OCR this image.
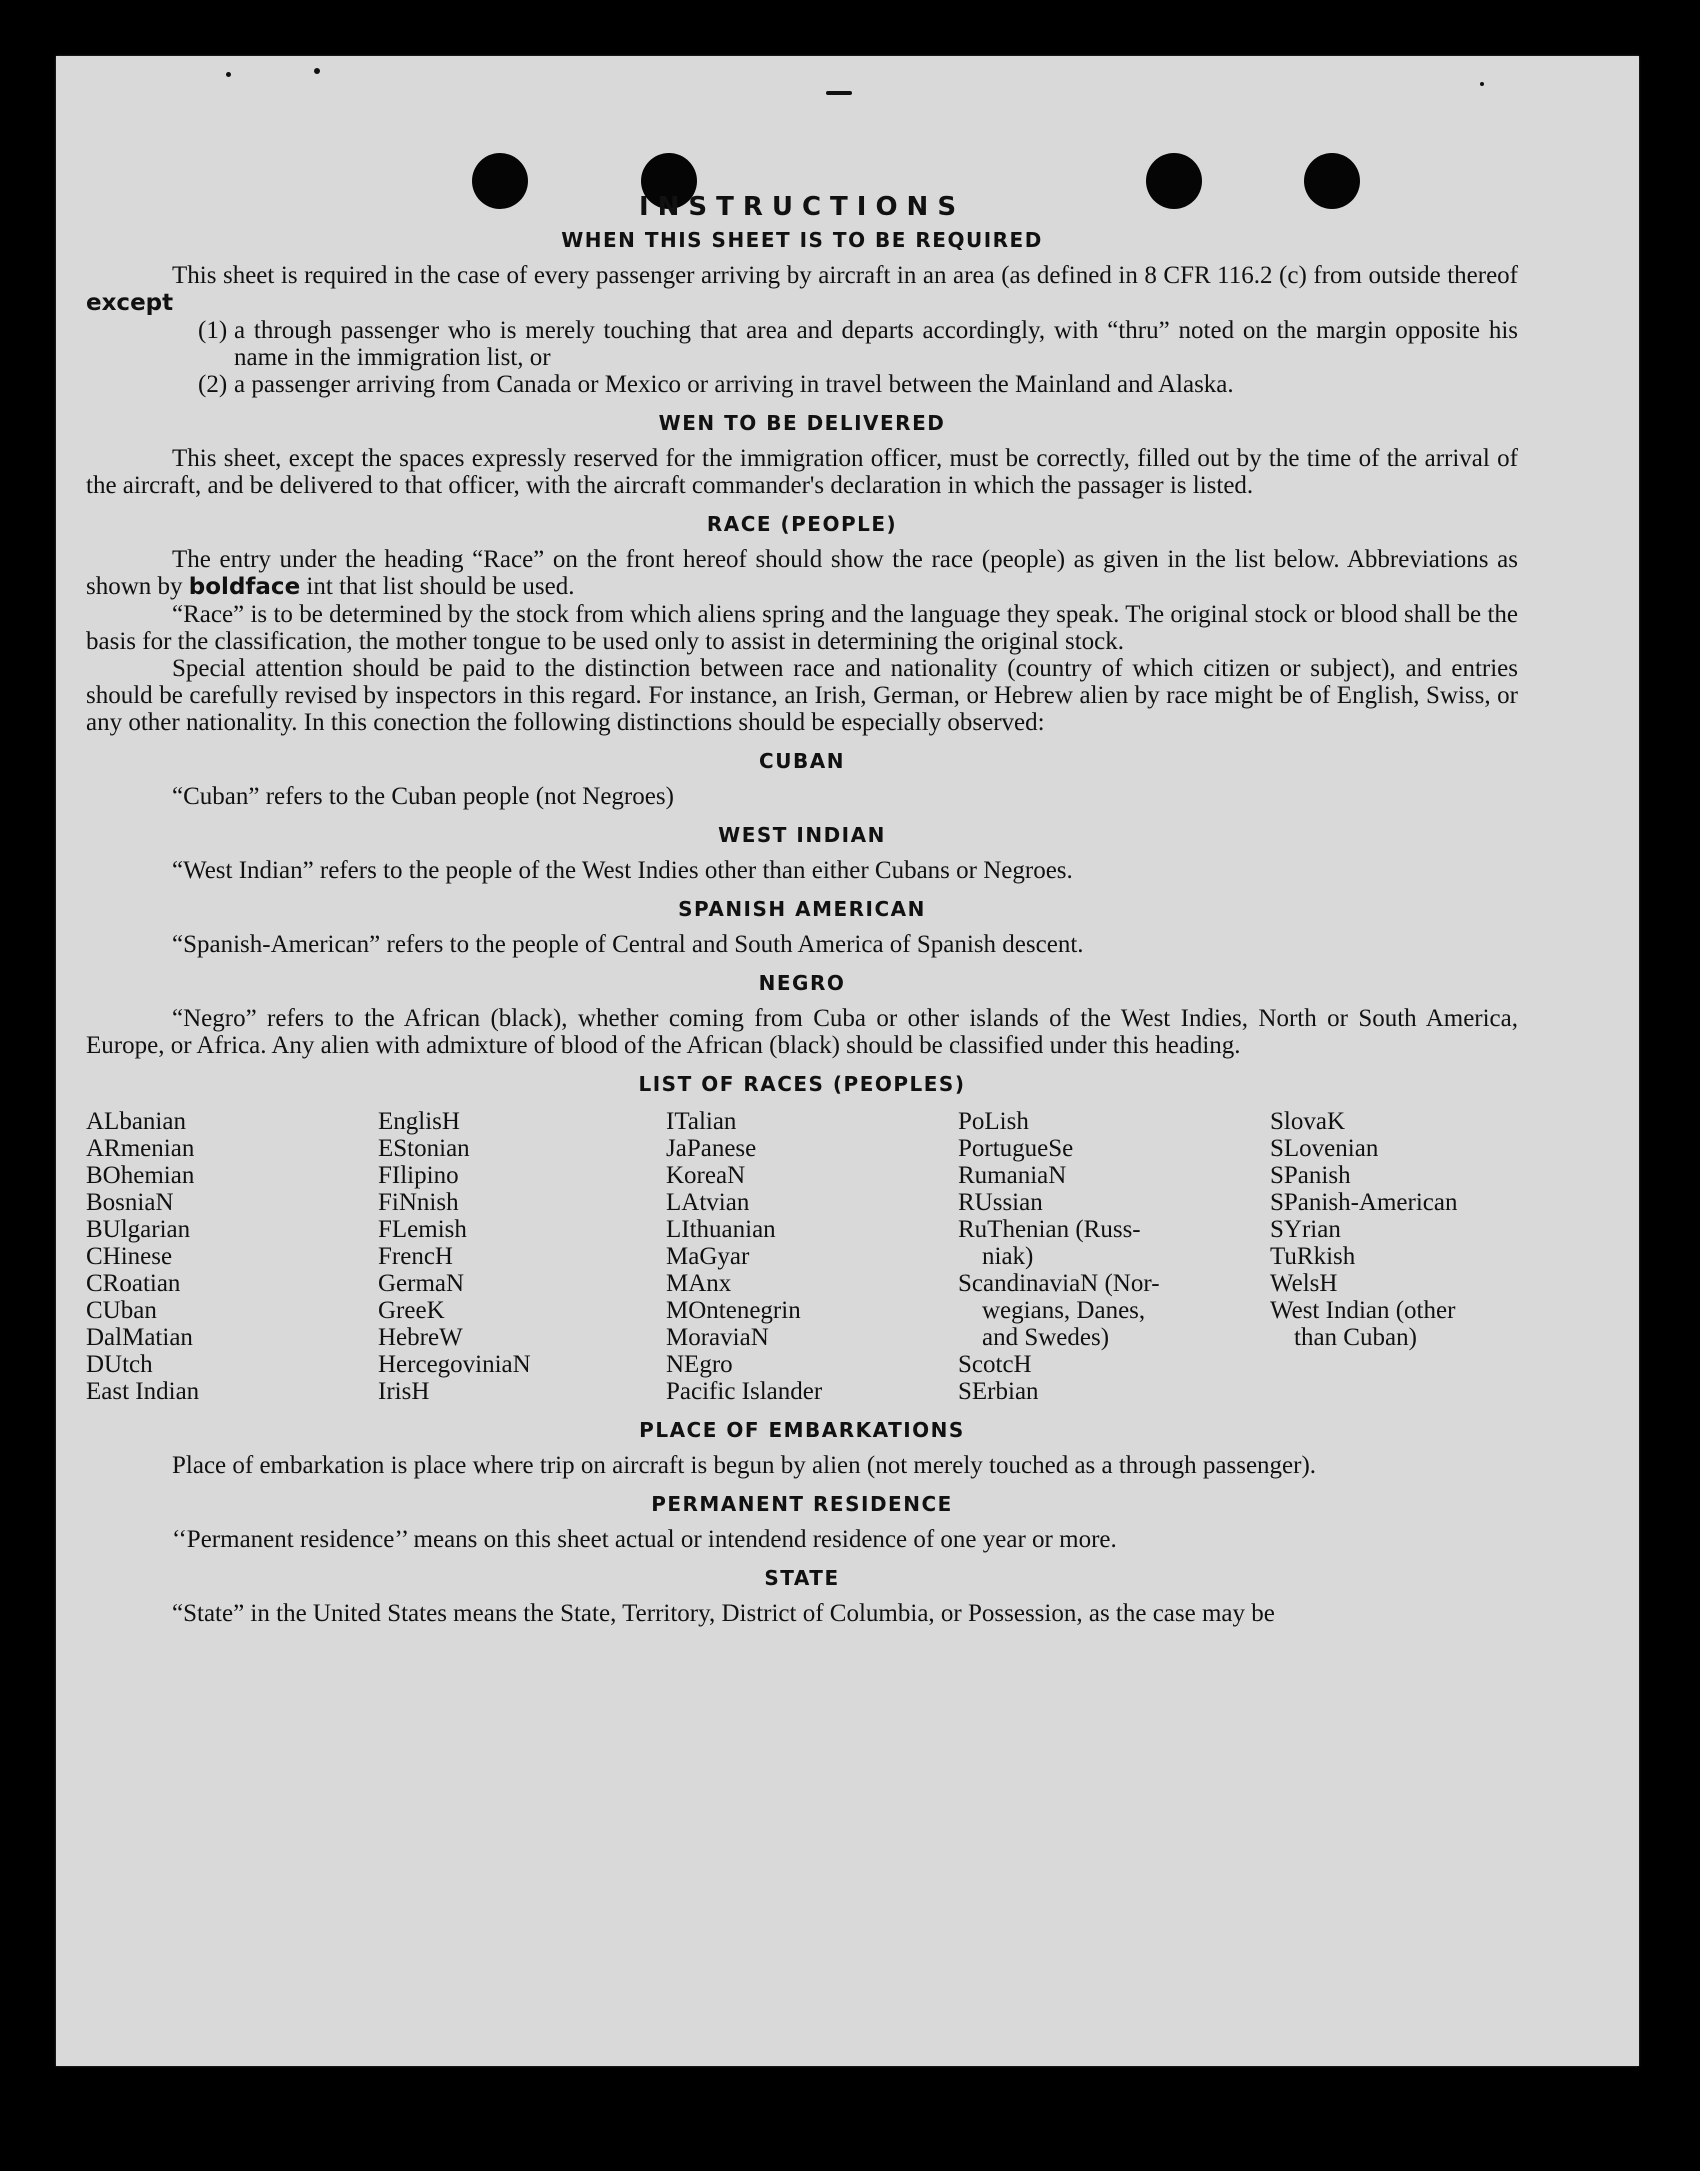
INSTRUCTIONS
WHEN THIS SHEET IS TO BE REQUIRED

This sheet is required in the case of every passenger arriving by aircraft in an area (as defined in 8 CFR 116.2 (c) from outside thereof except

(1) a through passenger who is merely touching that area and departs accordingly, with “thru” noted on the margin opposite his name in the immigration list, or
(2) a passenger arriving from Canada or Mexico or arriving in travel between the Mainland and Alaska.
WEN TO BE DELIVERED

This sheet, except the spaces expressly reserved for the immigration officer, must be correctly, filled out by the time of the arrival of the aircraft, and be delivered to that officer, with the aircraft commander's declaration in which the passager is listed.

RACE (PEOPLE)

The entry under the heading “Race” on the front hereof should show the race (people) as given in the list below. Abbreviations as shown by boldface int that list should be used.

“Race” is to be determined by the stock from which aliens spring and the language they speak. The original stock or blood shall be the basis for the classification, the mother tongue to be used only to assist in determining the original stock.

Special attention should be paid to the distinction between race and nationality (country of which citizen or subject), and entries should be carefully revised by inspectors in this regard. For instance, an Irish, German, or Hebrew alien by race might be of English, Swiss, or any other nationality. In this conection the following distinctions should be especially observed:

CUBAN

“Cuban” refers to the Cuban people (not Negroes)

WEST INDIAN

“West Indian” refers to the people of the West Indies other than either Cubans or Negroes.

SPANISH AMERICAN

“Spanish-American” refers to the people of Central and South America of Spanish descent.

NEGRO

“Negro” refers to the African (black), whether coming from Cuba or other islands of the West Indies, North or South America, Europe, or Africa. Any alien with admixture of blood of the African (black) should be classified under this heading.

LIST OF RACES (PEOPLES)
ALbanian
ARmenian
BOhemian
BosniaN
BUlgarian
CHinese
CRoatian
CUban
DalMatian
DUtch
East Indian
EnglisH
EStonian
FIlipino
FiNnish
FLemish
FrencH
GermaN
GreeK
HebreW
HercegoviniaN
IrisH
ITalian
JaPanese
KoreaN
LAtvian
LIthuanian
MaGyar
MAnx
MOntenegrin
MoraviaN
NEgro
Pacific Islander
PoLish
PortugueSe
RumaniaN
RUssian
RuThenian (Russ-
niak)
ScandinaviaN (Nor-
wegians, Danes,
and Swedes)
ScotcH
SErbian
SlovaK
SLovenian
SPanish
SPanish-American
SYrian
TuRkish
WelsH
West Indian (other
than Cuban)
PLACE OF EMBARKATIONS

Place of embarkation is place where trip on aircraft is begun by alien (not merely touched as a through passenger).

PERMANENT RESIDENCE

‘‘Permanent residence’’ means on this sheet actual or intendend residence of one year or more.

STATE

“State” in the United States means the State, Territory, District of Columbia, or Possession, as the case may be
